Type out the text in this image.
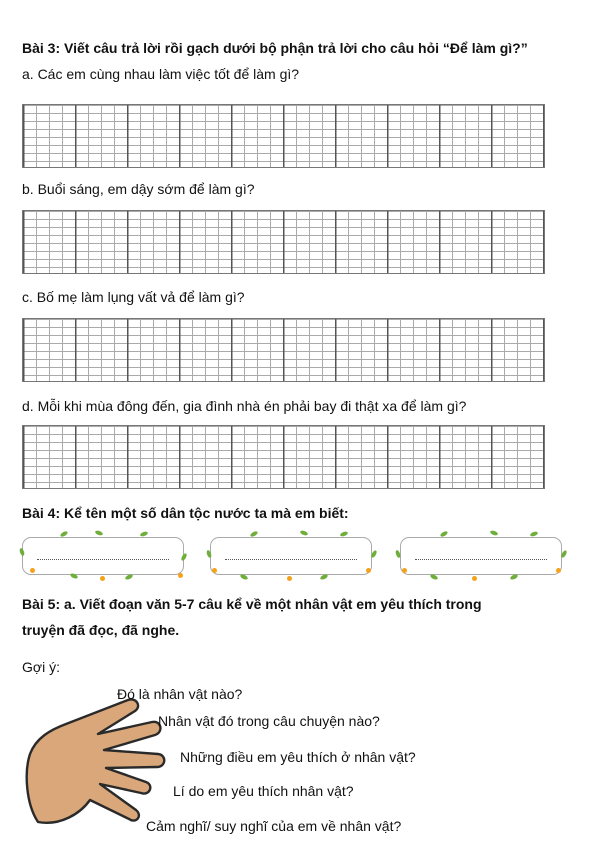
Bài 3: Viết câu trả lời rồi gạch dưới bộ phận trả lời cho câu hỏi “Để làm gì?”
a. Các em cùng nhau làm việc tốt để làm gì?
b. Buổi sáng, em dậy sớm để làm gì?
c. Bố mẹ làm lụng vất vả để làm gì?
d. Mỗi khi mùa đông đến, gia đình nhà én phải bay đi thật xa để làm gì?
Bài 4: Kể tên một số dân tộc nước ta mà em biết:
Bài 5: a. Viết đoạn văn 5-7 câu kể về một nhân vật em yêu thích trong
truyện đã đọc, đã nghe.
Gợi ý:
Đó là nhân vật nào?
Nhân vật đó trong câu chuyện nào?
Những điều em yêu thích ở nhân vật?
Lí do em yêu thích nhân vật?
Cảm nghĩ/ suy nghĩ của em về nhân vật?
